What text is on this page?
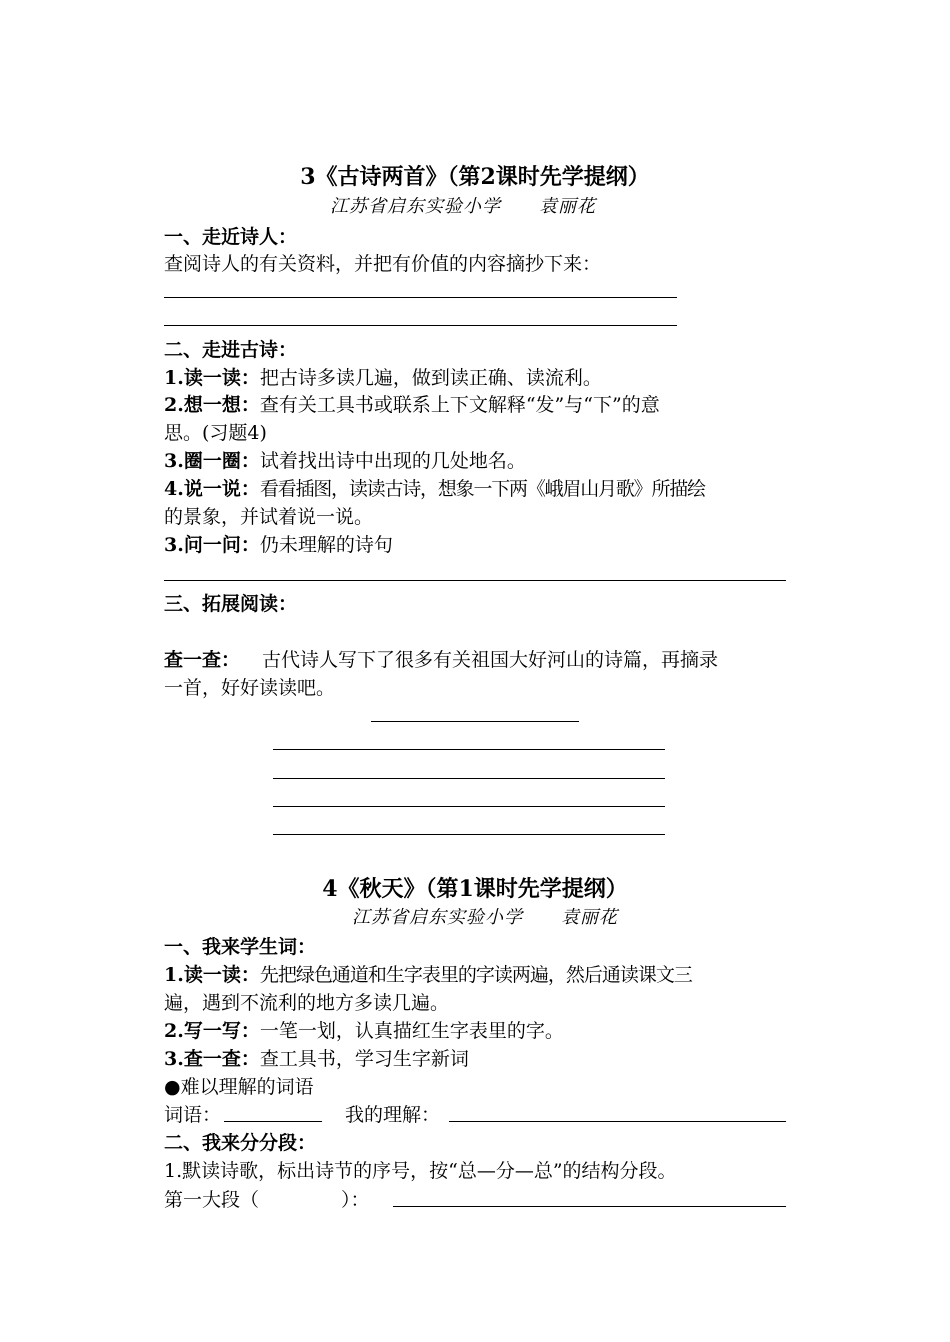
3《古诗两首》（第2课时先学提纲）
江苏省启东实验小学　　袁丽花
一、走近诗人：
查阅诗人的有关资料，并把有价值的内容摘抄下来：
二、走进古诗：
1.读一读：把古诗多读几遍，做到读正确、读流利。
2.想一想：查有关工具书或联系上下文解释“发”与“下”的意
思。(习题4)
3.圈一圈：试着找出诗中出现的几处地名。
4.说一说：看看插图，读读古诗，想象一下两《峨眉山月歌》所描绘
的景象，并试着说一说。
3.问一问：仍未理解的诗句
三、拓展阅读：
查一查： 古代诗人写下了很多有关祖国大好河山的诗篇，再摘录
一首，好好读读吧。
4《秋天》（第1课时先学提纲）
江苏省启东实验小学　　袁丽花
一、我来学生词：
1.读一读：先把绿色通道和生字表里的字读两遍，然后通读课文三
遍，遇到不流利的地方多读几遍。
2.写一写：一笔一划，认真描红生字表里的字。
3.查一查：查工具书，学习生字新词
●难以理解的词语
词语：	我的理解：
二、我来分分段：
1.默读诗歌，标出诗节的序号，按“总—分—总”的结构分段。
第一大段（	）：
